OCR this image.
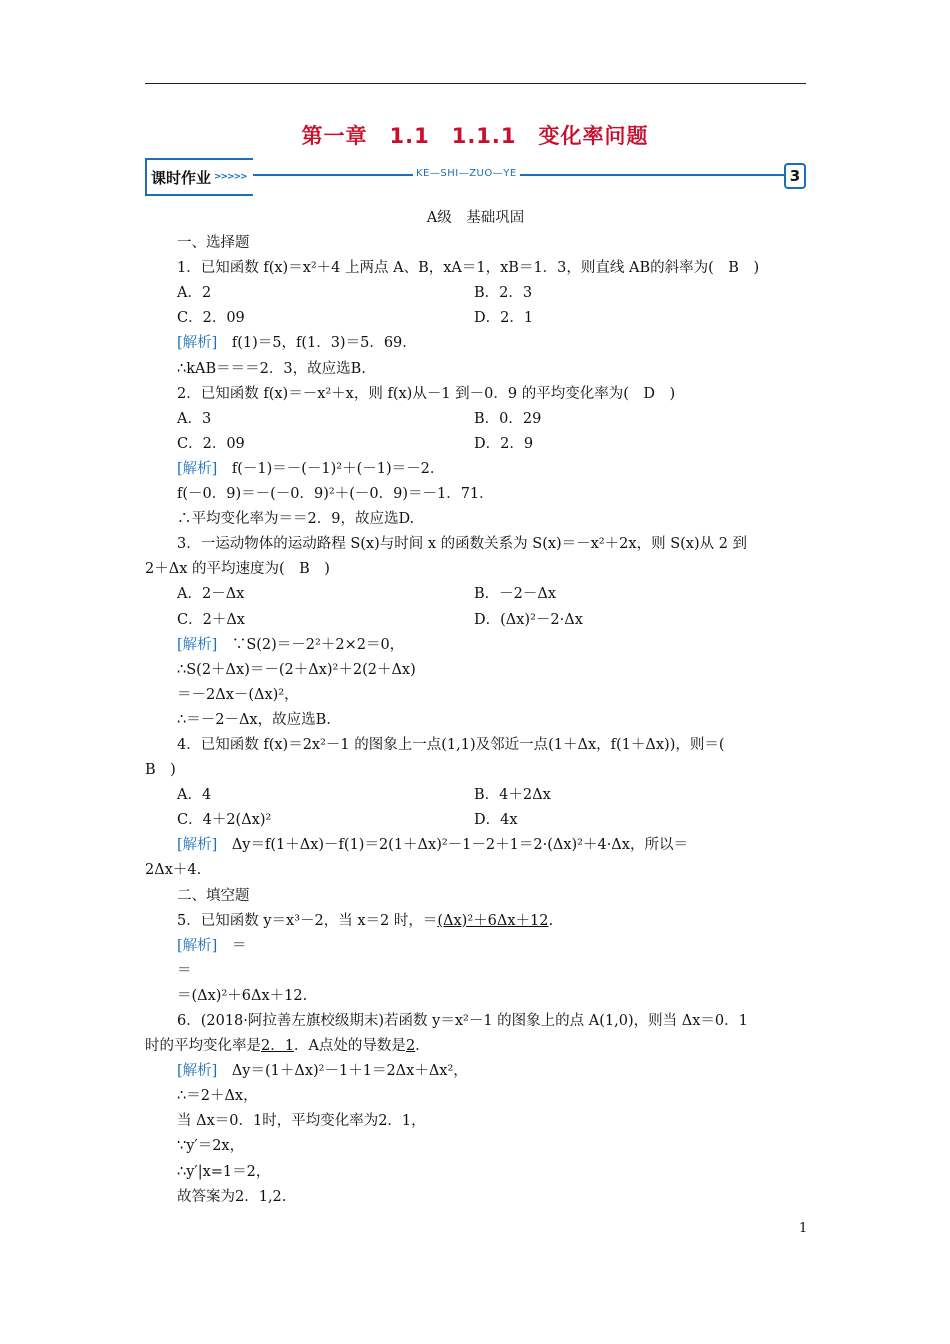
第一章　1.1　1.1.1　变化率问题
课时作业 >>>>>	KE—SHI—ZUO—YE	3
A级　基础巩固
一、选择题
1．已知函数 f(x)＝x²＋4 上两点 A、B，xA＝1，xB＝1．3，则直线 AB的斜率为(　B　)
A．2	B．2．3
C．2．09	D．2．1
[解析]　f(1)＝5，f(1．3)＝5．69．
∴kAB＝＝＝2．3，故应选B.
2．已知函数 f(x)＝－x²＋x，则 f(x)从－1 到－0．9 的平均变化率为(　D　)
A．3	B．0．29
C．2．09	D．2．9
[解析]　f(－1)＝－(－1)²＋(－1)＝－2．
f(－0．9)＝－(－0．9)²＋(－0．9)＝－1．71．
∴平均变化率为＝＝2．9，故应选D.
3．一运动物体的运动路程 S(x)与时间 x 的函数关系为 S(x)＝－x²＋2x，则 S(x)从 2 到
2＋Δx 的平均速度为(　B　)
A．2－Δx	B．－2－Δx
C．2＋Δx	D．(Δx)²－2·Δx
[解析]　∵S(2)＝－2²＋2×2＝0，
∴S(2＋Δx)＝－(2＋Δx)²＋2(2＋Δx)
＝－2Δx－(Δx)²，
∴＝－2－Δx，故应选B.
4．已知函数 f(x)＝2x²－1 的图象上一点(1,1)及邻近一点(1＋Δx，f(1＋Δx))，则＝(
B　)
A．4	B．4＋2Δx
C．4＋2(Δx)²	D．4x
[解析]　Δy＝f(1＋Δx)－f(1)＝2(1＋Δx)²－1－2＋1＝2·(Δx)²＋4·Δx，所以＝
2Δx＋4.
二、填空题
5．已知函数 y＝x³－2，当 x＝2 时，＝(Δx)²＋6Δx＋12.
[解析]　＝
＝
＝(Δx)²＋6Δx＋12.
6．(2018·阿拉善左旗校级期末)若函数 y＝x²－1 的图象上的点 A(1,0)，则当 Δx＝0．1
时的平均变化率是2．1．A点处的导数是2.
[解析]　Δy＝(1＋Δx)²－1＋1＝2Δx＋Δx²，
∴＝2＋Δx，
当 Δx＝0．1时，平均变化率为2．1，
∵y′＝2x，
∴y′|x=1＝2，
故答案为2．1,2.
1
